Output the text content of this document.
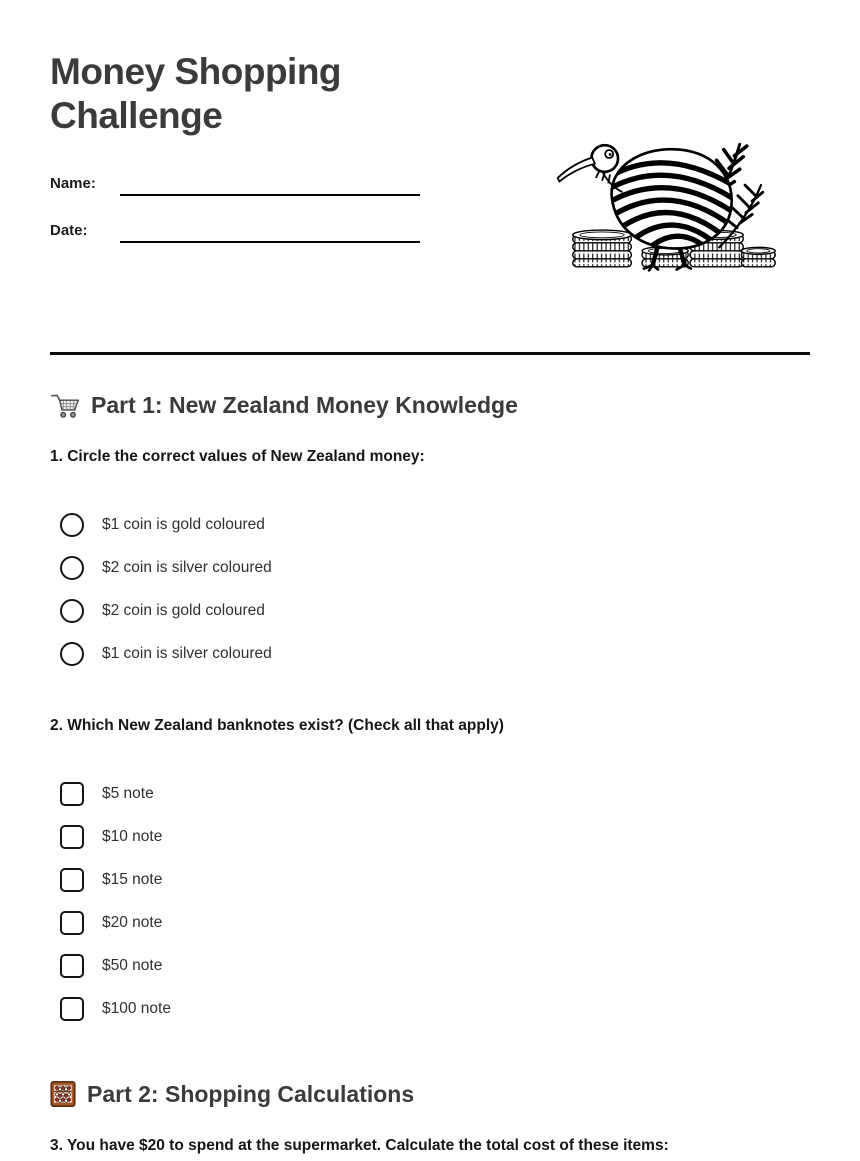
Money Shopping Challenge
Name:
Date:
Part 1: New Zealand Money Knowledge

1. Circle the correct values of New Zealand money:

$1 coin is gold coloured
$2 coin is silver coloured
$2 coin is gold coloured
$1 coin is silver coloured

2. Which New Zealand banknotes exist? (Check all that apply)

$5 note
$10 note
$15 note
$20 note
$50 note
$100 note
Part 2: Shopping Calculations

3. You have $20 to spend at the supermarket. Calculate the total cost of these items:
